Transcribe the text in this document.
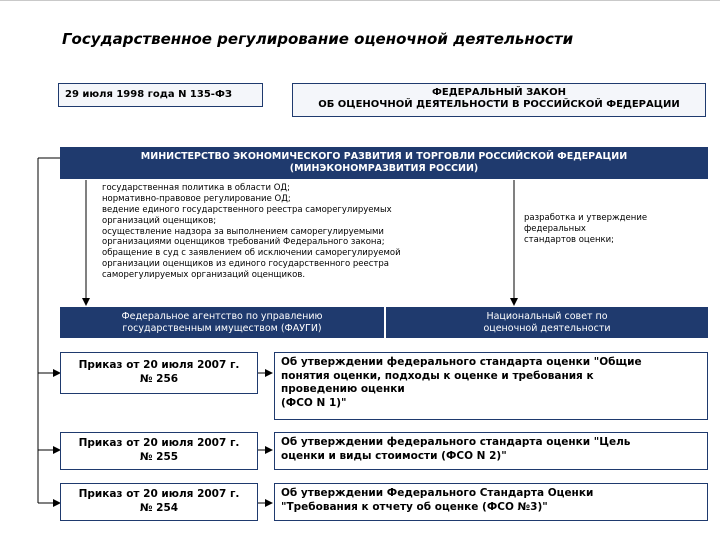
Государственное регулирование оценочной деятельности
29 июля 1998 года N 135-ФЗ	ФЕДЕРАЛЬНЫЙ ЗАКОН
ОБ ОЦЕНОЧНОЙ ДЕЯТЕЛЬНОСТИ В РОССИЙСКОЙ ФЕДЕРАЦИИ
МИНИСТЕРСТВО ЭКОНОМИЧЕСКОГО РАЗВИТИЯ И ТОРГОВЛИ РОССИЙСКОЙ ФЕДЕРАЦИИ
(МИНЭКОНОМРАЗВИТИЯ РОССИИ)
государственная политика в области ОД;
нормативно-правовое регулирование ОД;
ведение единого государственного реестра саморегулируемых
организаций оценщиков;
осуществление надзора за выполнением саморегулируемыми
организациями оценщиков требований Федерального закона;
обращение в суд с заявлением об исключении саморегулируемой
организации оценщиков из единого государственного реестра
саморегулируемых организаций оценщиков.
разработка и утверждение
федеральных
стандартов оценки;
Федеральное агентство по управлению
государственным имуществом (ФАУГИ)
Национальный совет по
оценочной деятельности
Приказ от 20 июля 2007 г.
№ 256
Об утверждении федерального стандарта оценки "Общие
понятия оценки, подходы к оценке и требования к
проведению оценки
(ФСО N 1)"
Приказ от 20 июля 2007 г.
№ 255
Об утверждении федерального стандарта оценки "Цель
оценки и виды стоимости (ФСО N 2)"
Приказ от 20 июля 2007 г.
№ 254
Об утверждении Федерального Стандарта Оценки
"Требования к отчету об оценке (ФСО №3)"
